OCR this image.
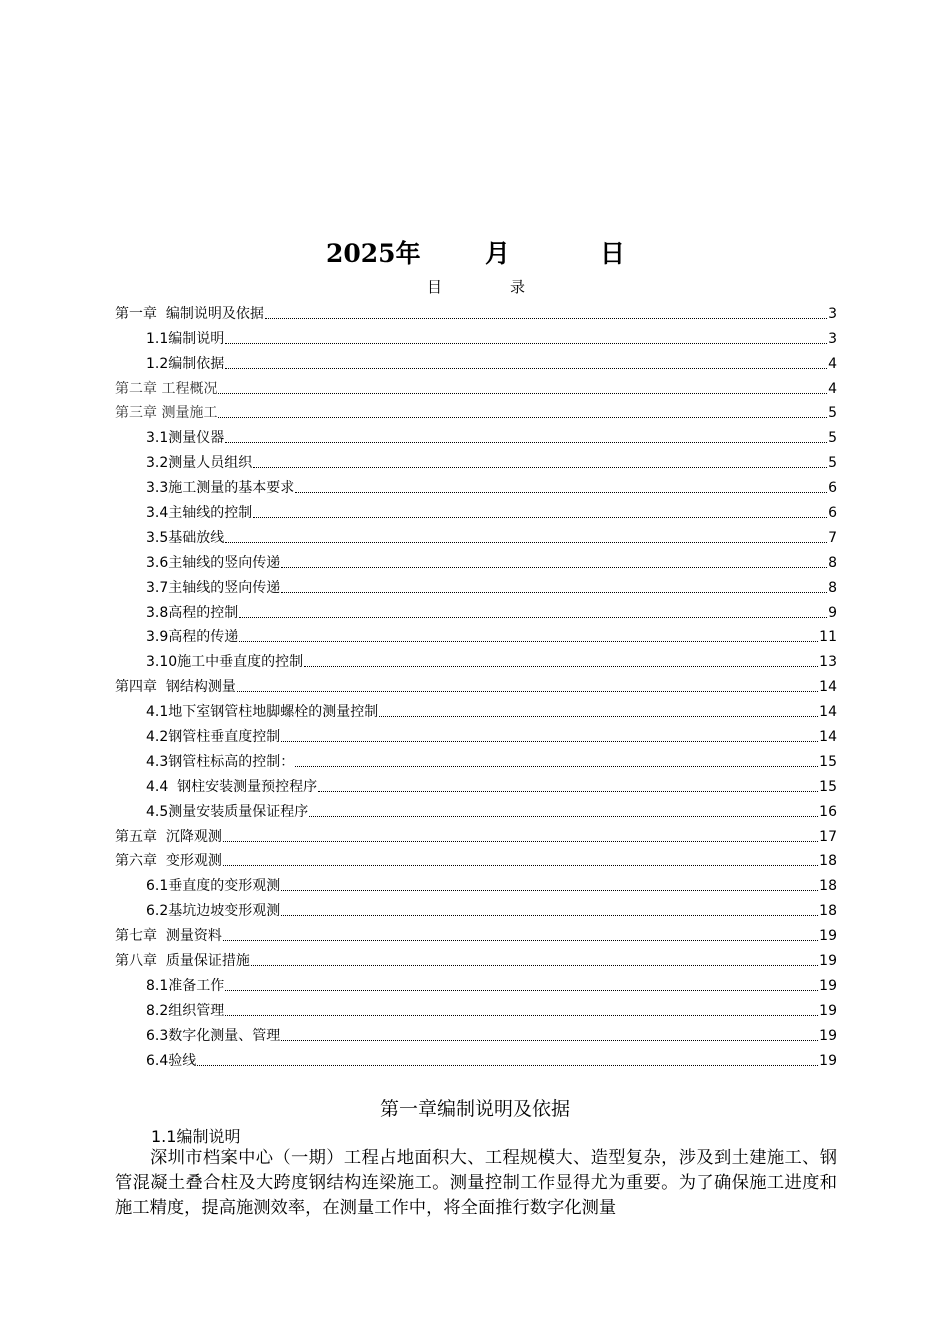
2025年	月	日
目	录
第一章  编制说明及依据	3
1.1编制说明	3
1.2编制依据	4
第二章 工程概况	4
第三章 测量施工	5
3.1测量仪器	5
3.2测量人员组织	5
3.3施工测量的基本要求	6
3.4主轴线的控制	6
3.5基础放线	7
3.6主轴线的竖向传递	8
3.7主轴线的竖向传递	8
3.8高程的控制	9
3.9高程的传递	11
3.10施工中垂直度的控制	13
第四章  钢结构测量	14
4.1地下室钢管柱地脚螺栓的测量控制	14
4.2钢管柱垂直度控制	14
4.3钢管柱标高的控制：	15
4.4  钢柱安装测量预控程序	15
4.5测量安装质量保证程序	16
第五章  沉降观测	17
第六章  变形观测	18
6.1垂直度的变形观测	18
6.2基坑边坡变形观测	18
第七章  测量资料	19
第八章  质量保证措施	19
8.1准备工作	19
8.2组织管理	19
6.3数字化测量、管理	19
6.4验线	19
第一章编制说明及依据
1.1编制说明

深圳市档案中心（一期）工程占地面积大、工程规模大、造型复杂，涉及到土建施工、钢管混凝土叠合柱及大跨度钢结构连梁施工。测量控制工作显得尤为重要。为了确保施工进度和施工精度，提高施测效率，在测量工作中，将全面推行数字化测量
